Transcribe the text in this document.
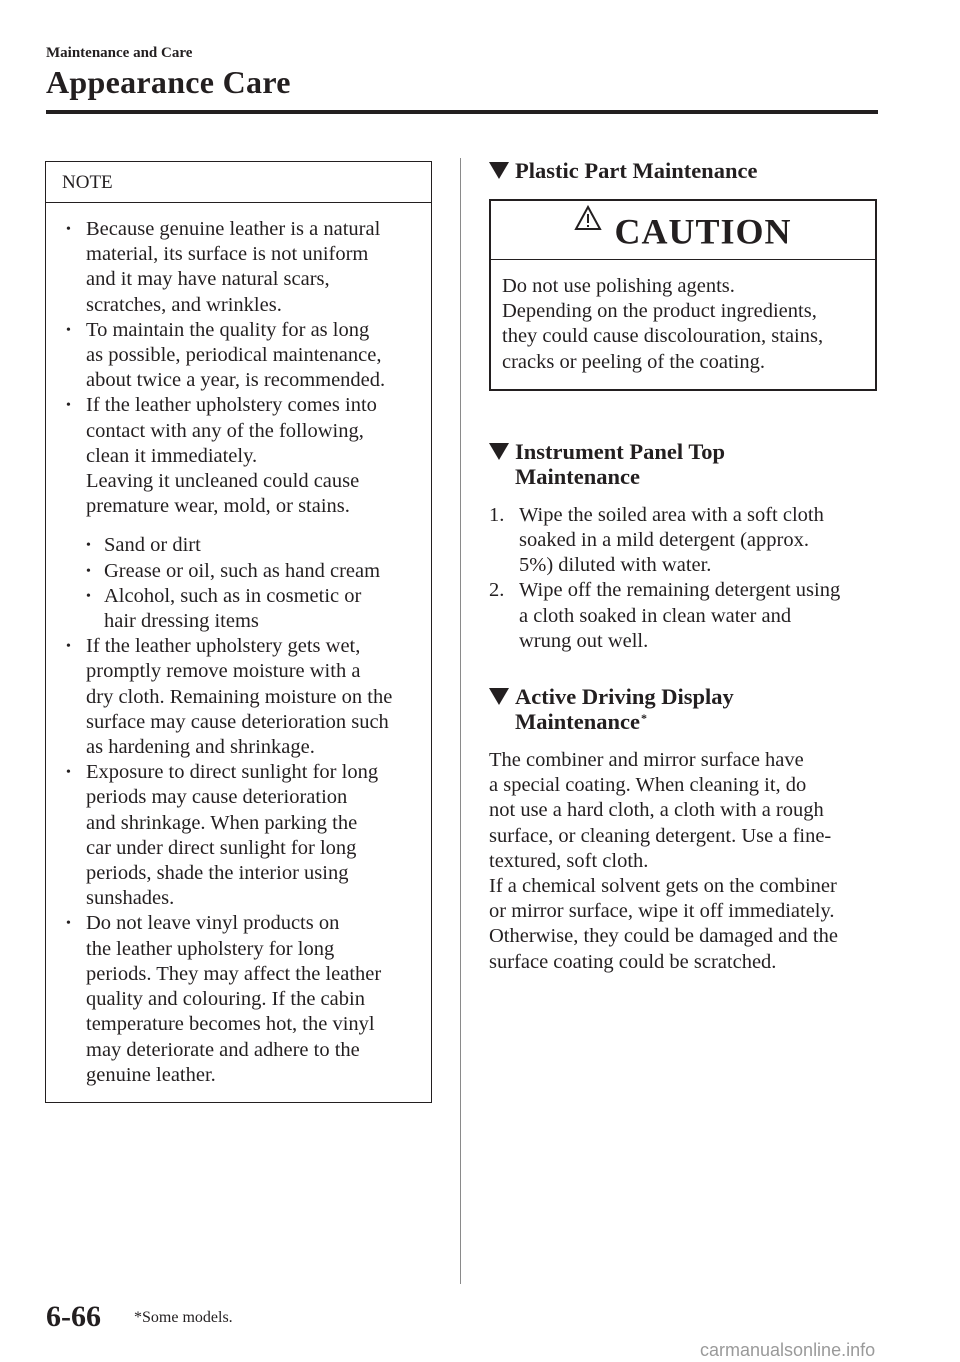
Maintenance and Care
Appearance Care
NOTE
• Because genuine leather is a natural
material, its surface is not uniform
and it may have natural scars,
scratches, and wrinkles.
• To maintain the quality for as long
as possible, periodical maintenance,
about twice a year, is recommended.
• If the leather upholstery comes into
contact with any of the following,
clean it immediately.
Leaving it uncleaned could cause
premature wear, mold, or stains.
• Sand or dirt
• Grease or oil, such as hand cream
• Alcohol, such as in cosmetic or
hair dressing items
• If the leather upholstery gets wet,
promptly remove moisture with a
dry cloth. Remaining moisture on the
surface may cause deterioration such
as hardening and shrinkage.
• Exposure to direct sunlight for long
periods may cause deterioration
and shrinkage. When parking the
car under direct sunlight for long
periods, shade the interior using
sunshades.
• Do not leave vinyl products on
the leather upholstery for long
periods. They may affect the leather
quality and colouring. If the cabin
temperature becomes hot, the vinyl
may deteriorate and adhere to the
genuine leather.
Plastic Part Maintenance
CAUTION
Do not use polishing agents.
Depending on the product ingredients,
they could cause discolouration, stains,
cracks or peeling of the coating.
Instrument Panel Top
Maintenance
1. Wipe the soiled area with a soft cloth
soaked in a mild detergent (approx.
5%) diluted with water.
2. Wipe off the remaining detergent using
a cloth soaked in clean water and
wrung out well.
Active Driving Display
Maintenance*
The combiner and mirror surface have
a special coating. When cleaning it, do
not use a hard cloth, a cloth with a rough
surface, or cleaning detergent. Use a fine-
textured, soft cloth.
If a chemical solvent gets on the combiner
or mirror surface, wipe it off immediately.
Otherwise, they could be damaged and the
surface coating could be scratched.
6-66 *Some models.
carmanualsonline.info
